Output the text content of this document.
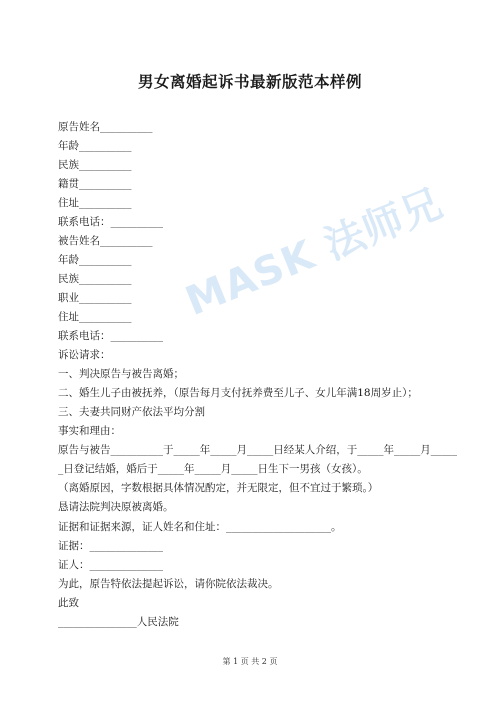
MASK 法师兄
男女离婚起诉书最新版范本样例
原告姓名__________
年龄__________
民族__________
籍贯__________
住址__________
联系电话：__________
被告姓名__________
年龄__________
民族__________
职业__________
住址__________
联系电话：__________
诉讼请求：
一、判决原告与被告离婚；
二、婚生儿子由被抚养，（原告每月支付抚养费至儿子、女儿年满18周岁止）；
三、夫妻共同财产依法平均分割
事实和理由：
原告与被告__________于_____年_____月_____日经某人介绍，于_____年_____月_____
_日登记结婚，婚后于_____年_____月_____日生下一男孩（女孩）。
（离婚原因，字数根据具体情况酌定，并无限定，但不宜过于繁琐。）
恳请法院判决原被离婚。
证据和证据来源，证人姓名和住址：____________________。
证据：______________
证人：______________
为此，原告特依法提起诉讼，请你院依法裁决。
此致
_______________人民法院
第 1 页 共 2 页
